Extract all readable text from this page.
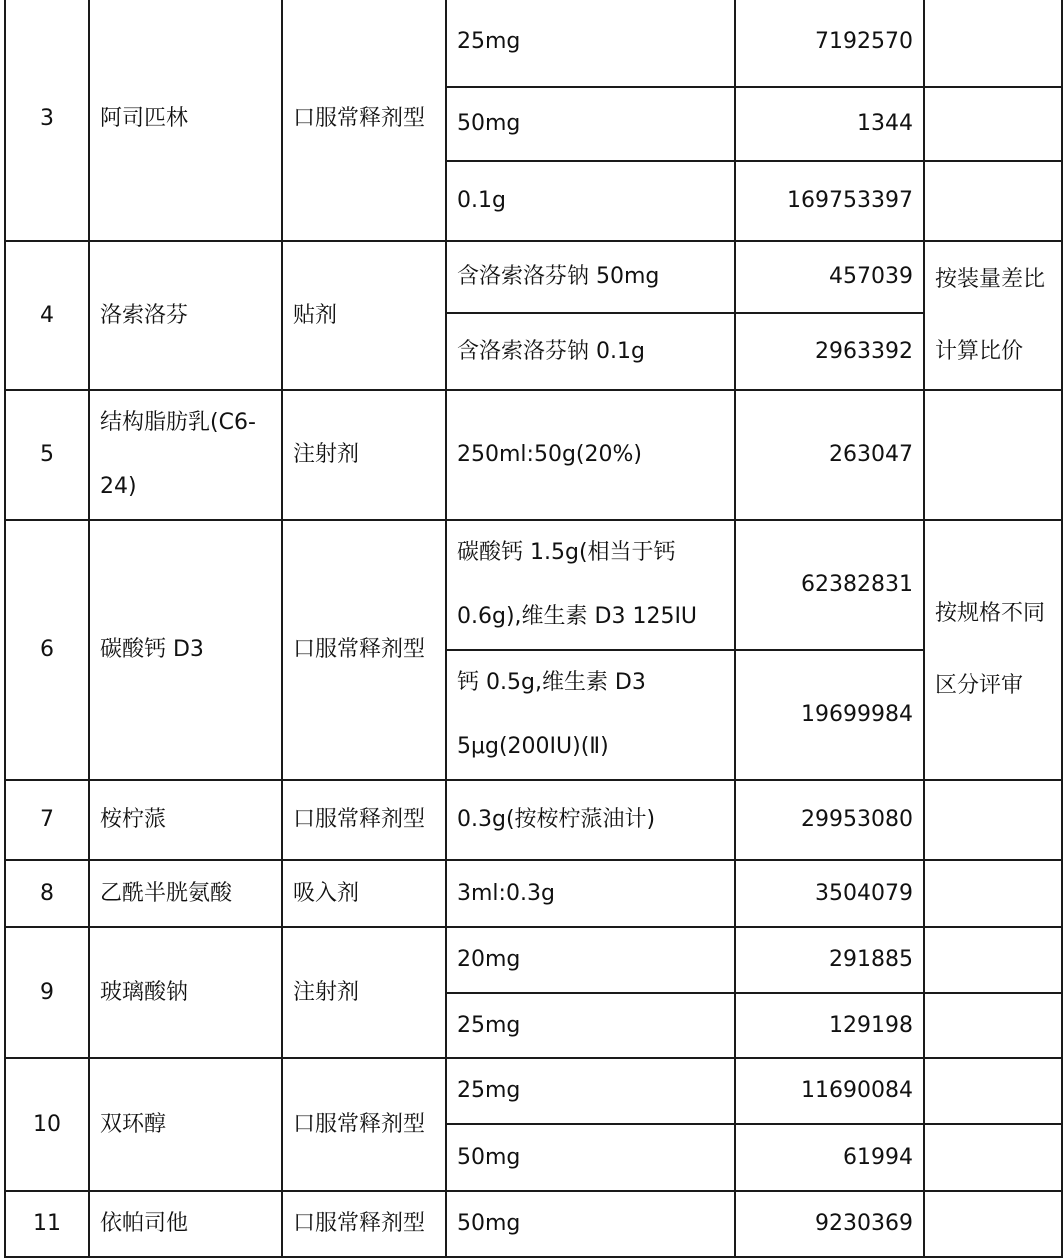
3	阿司匹林	口服常释剂型	25mg	7192570	
			50mg	1344	
			0.1g	169753397	
4	洛索洛芬	贴剂	含洛索洛芬钠 50mg	457039	按装量差比
计算比价

			含洛索洛芬钠 0.1g	2963392	
5	结构脂肪乳(C6-
24)	注射剂	250ml:50g(20%)	263047	
6	碳酸钙 D3	口服常释剂型	碳酸钙 1.5g(相当于钙
0.6g),维生素 D3 125IU	62382831	按规格不同
区分评审

			钙 0.5g,维生素 D3
5μg(200IU)(Ⅱ)	19699984	
7	桉柠蒎	口服常释剂型	0.3g(按桉柠蒎油计)	29953080	
8	乙酰半胱氨酸	吸入剂	3ml:0.3g	3504079	
9	玻璃酸钠	注射剂	20mg	291885	
			25mg	129198	
10	双环醇	口服常释剂型	25mg	11690084	
			50mg	61994	
11	依帕司他	口服常释剂型	50mg	9230369	
